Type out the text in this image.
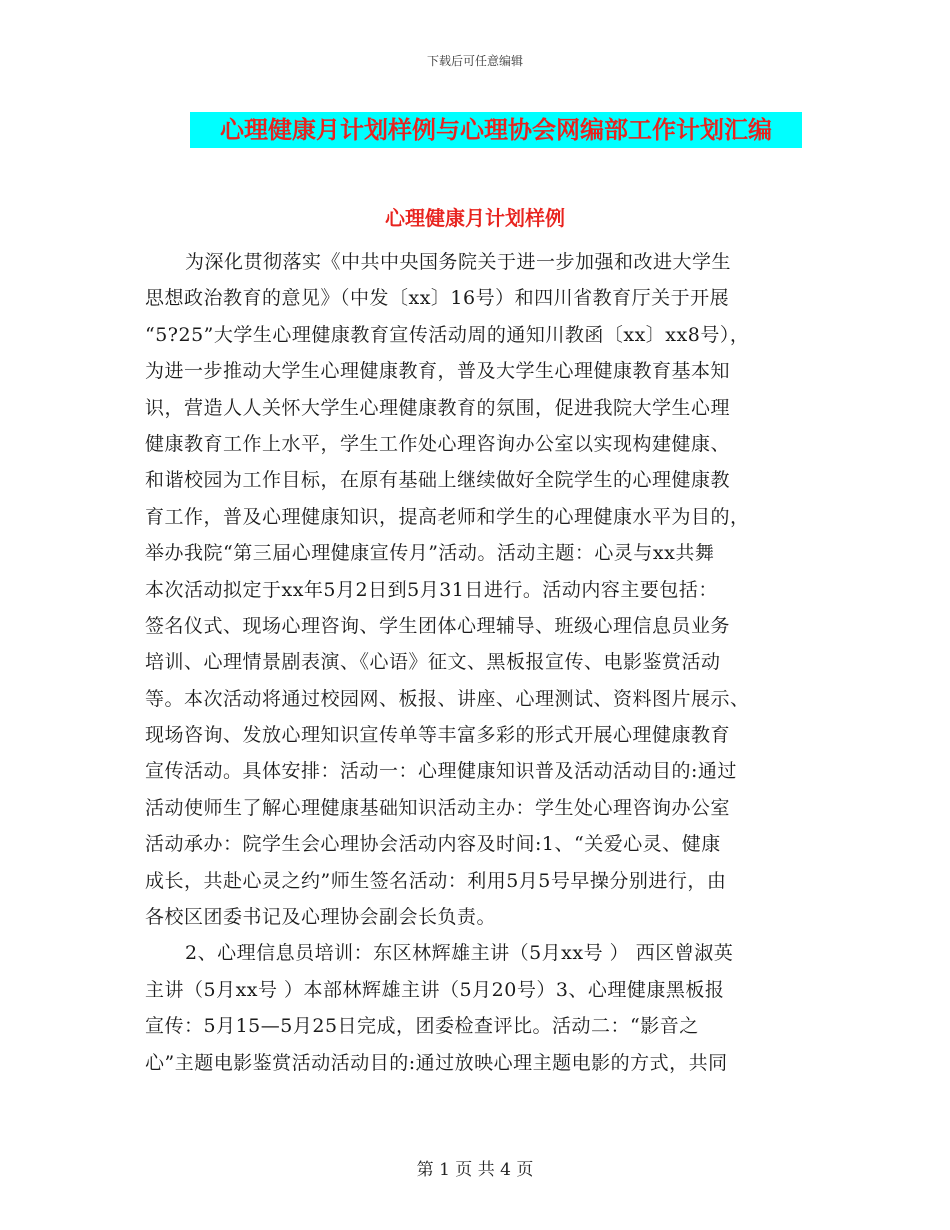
下载后可任意编辑
心理健康月计划样例与心理协会网编部工作计划汇编
心理健康月计划样例
为深化贯彻落实《中共中央国务院关于进一步加强和改进大学生
思想政治教育的意见》（中发〔xx〕16号）和四川省教育厅关于开展
“5?25”大学生心理健康教育宣传活动周的通知川教函〔xx〕xx8号），
为进一步推动大学生心理健康教育，普及大学生心理健康教育基本知
识，营造人人关怀大学生心理健康教育的氛围，促进我院大学生心理
健康教育工作上水平，学生工作处心理咨询办公室以实现构建健康、
和谐校园为工作目标，在原有基础上继续做好全院学生的心理健康教
育工作，普及心理健康知识，提高老师和学生的心理健康水平为目的，
举办我院“第三届心理健康宣传月”活动。活动主题：心灵与xx共舞
本次活动拟定于xx年5月2日到5月31日进行。活动内容主要包括：
签名仪式、现场心理咨询、学生团体心理辅导、班级心理信息员业务
培训、心理情景剧表演、《心语》征文、黑板报宣传、电影鉴赏活动
等。本次活动将通过校园网、板报、讲座、心理测试、资料图片展示、
现场咨询、发放心理知识宣传单等丰富多彩的形式开展心理健康教育
宣传活动。具体安排：活动一：心理健康知识普及活动活动目的:通过
活动使师生了解心理健康基础知识活动主办：学生处心理咨询办公室
活动承办：院学生会心理协会活动内容及时间:1、“关爱心灵、健康
成长，共赴心灵之约”师生签名活动：利用5月5号早操分别进行，由
各校区团委书记及心理协会副会长负责。
2、心理信息员培训：东区林辉雄主讲（5月xx号 ） 西区曾淑英
主讲（5月xx号 ）本部林辉雄主讲（5月20号）3、心理健康黑板报
宣传：5月15—5月25日完成，团委检查评比。活动二：“影音之
心”主题电影鉴赏活动活动目的:通过放映心理主题电影的方式，共同
第 1 页 共 4 页
